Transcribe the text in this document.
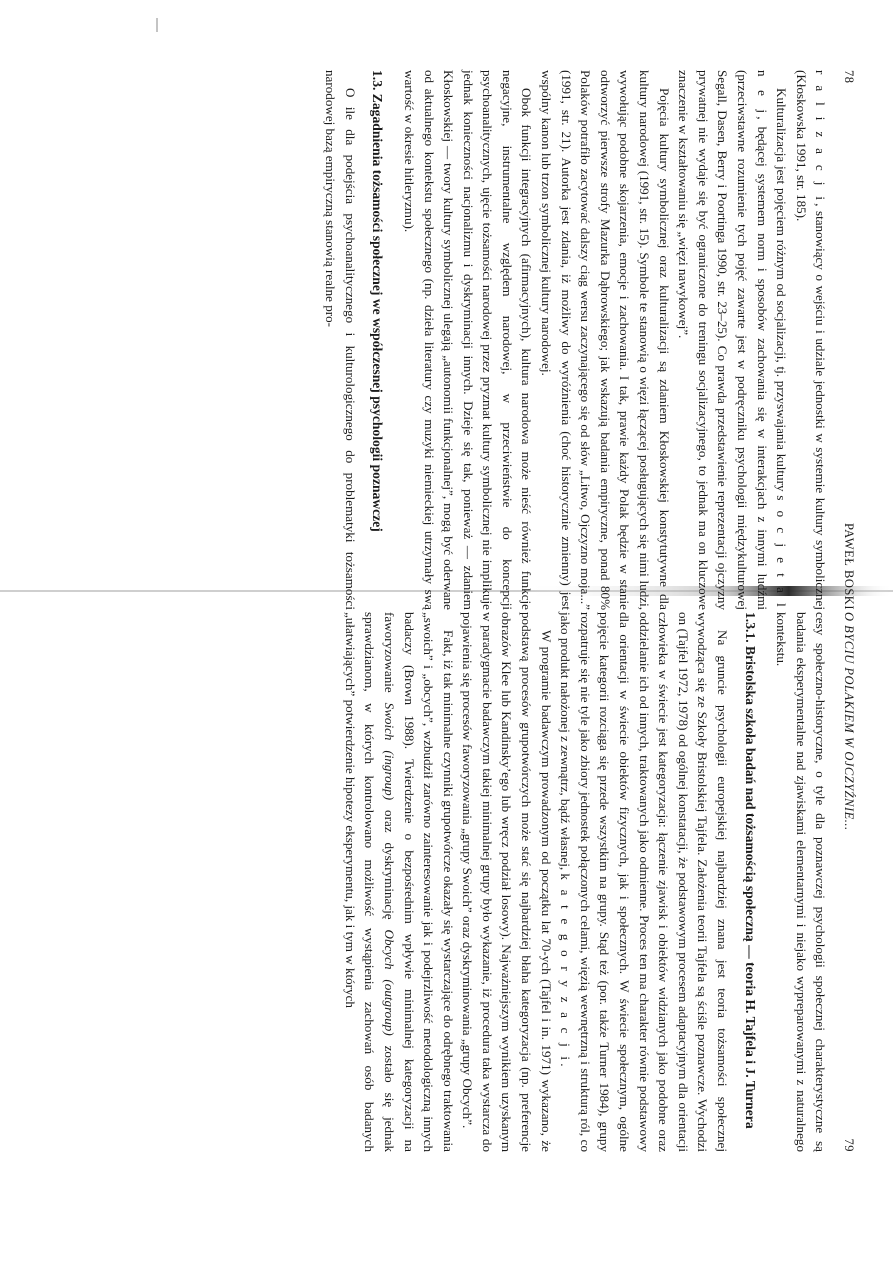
78
PAWEŁ BOSKI

r a l i z a c j i, stanowiący o wejściu i udziale jednostki w systemie kultury symbolicznej (Kłoskowska 1991, str. 185).

Kulturalizacja jest pojęciem różnym od socjalizacji, tj. przyswajania kultury s o c j e t a l n e j, będącej systemem norm i sposobów zachowania się w interakcjach z innymi ludźmi (przeciwstawne rozumienie tych pojęć zawarte jest w podręczniku psychologii międzykulturowej Segall, Dasen, Berry i Poortinga 1990, str. 23–25). Co prawda przedstawienie reprezentacji ojczyzny prywatnej nie wydaje się być ograniczone do treningu socjalizacyjnego, to jednak ma on kluczowe znaczenie w kształtowaniu się „więzi nawykowej”.

Pojęcia kultury symbolicznej oraz kulturalizacji są zdaniem Kłoskowskiej konstytutywne dla kultury narodowej (1991, str. 15). Symbole te stanowią o więzi łączącej posługujących się nimi ludzi, wywołując podobne skojarzenia, emocje i zachowania. I tak, prawie każdy Polak będzie w stanie odtworzyć pierwsze strofy Mazurka Dąbrowskiego; jak wskazują badania empiryczne, ponad 80% Polaków potrafiło zacytować dalszy ciąg wersu zaczynającego się od słów „Litwo, Ojczyzno moja...” (1991, str. 21). Autorka jest zdania, iż możliwy do wyróżnienia (choć historycznie zmienny) jest wspólny kanon lub trzon symbolicznej kultury narodowej.

Obok funkcji integracyjnych (afirmacyjnych), kultura narodowa może nieść również funkcje negacyjne, instrumentalne względem narodowej, w przeciwieństwie do koncepcji psychoanalitycznych, ujęcie tożsamości narodowej przez pryzmat kultury symbolicznej nie implikuje jednak konieczności nacjonalizmu i dyskryminacji innych. Dzieje się tak, ponieważ — zdaniem Kłoskowskiej — twory kultury symbolicznej ulegają „autonomii funkcjonalnej”, mogą być oderwane od aktualnego kontekstu społecznego (np. dzieła literatury czy muzyki niemieckiej utrzymały swą wartość w okresie hitleryzmu).

1.3. Zagadnienia tożsamości społecznej we współczesnej psychologii poznawczej

O ile dla podejścia psychoanalitycznego i kulturologicznego do problematyki tożsamości narodowej bazą empiryczną stanowią realne pro-

O BYCIU POLAKIEM W OJCZYŹNIE...
79

cesy społeczno-historyczne, o tyle dla poznawczej psychologii społecznej charakterystyczne są badania eksperymentalne nad zjawiskami elementarnymi i niejako wypreparowanymi z naturalnego kontekstu.

1.3.1. Bristolska szkoła badań nad tożsamością społeczną — teoria H. Tajfela i J. Turnera

Na gruncie psychologii europejskiej najbardziej znana jest teoria tożsamości społecznej wywodząca się ze Szkoły Bristolskiej Tajfela. Założenia teorii Tajfela są ściśle poznawcze. Wychodzi on (Tajfel 1972, 1978) od ogólnej konstatacji, że podstawowym procesem adaptacyjnym dla orientacji człowieka w świecie jest kategoryzacja: łączenie zjawisk i obiektów widzianych jako podobne oraz oddzielanie ich od innych, traktowanych jako odmienne. Proces ten ma charakter równie podstawowy dla orientacji w świecie obiektów fizycznych, jak i społecznych. W świecie społecznym, ogólne pojęcie kategorii rozciąga się przede wszystkim na grupy. Stąd też (por. także Turner 1984), grupy rozpatruje się nie tyle jako zbiory jednostek połączonych celami, więzią wewnętrzną i strukturą ról, co jako produkt nałożonej z zewnątrz, bądź własnej, k a t e g o r y z a c j i.

W programie badawczym prowadzonym od początku lat 70-ych (Tajfel i in. 1971) wykazano, że podstawą procesów grupotwórczych może stać się najbardziej błaha kategoryzacja (np. preferencje obrazów Klee lub Kandinsky’ego lub wręcz podział losowy). Najważniejszym wynikiem uzyskanym w paradygmacie badawczym takiej minimalnej grupy było wykazanie, iż procedura taka wystarcza do pojawienia się procesów faworyzowania „grupy Swoich” oraz dyskryminowania „grupy Obcych”.

Fakt, iż tak minimalne czynniki grupotwórcze okazały się wystarczające do odrębnego traktowania „swoich” i „obcych”, wzbudził zarówno zainteresowanie jak i podejrzliwość metodologiczną innych badaczy (Brown 1988). Twierdzenie o bezpośrednim wpływie minimalnej kategoryzacji na faworyzowanie Swoich (ingroup) oraz dyskryminację Obcych (outgroup) zostało się jednak sprawdzianom, w których kontrolowano możliwość wystąpienia zachowań osób badanych „ułatwiających” potwierdzenie hipotezy eksperymentu, jak i tym w których
